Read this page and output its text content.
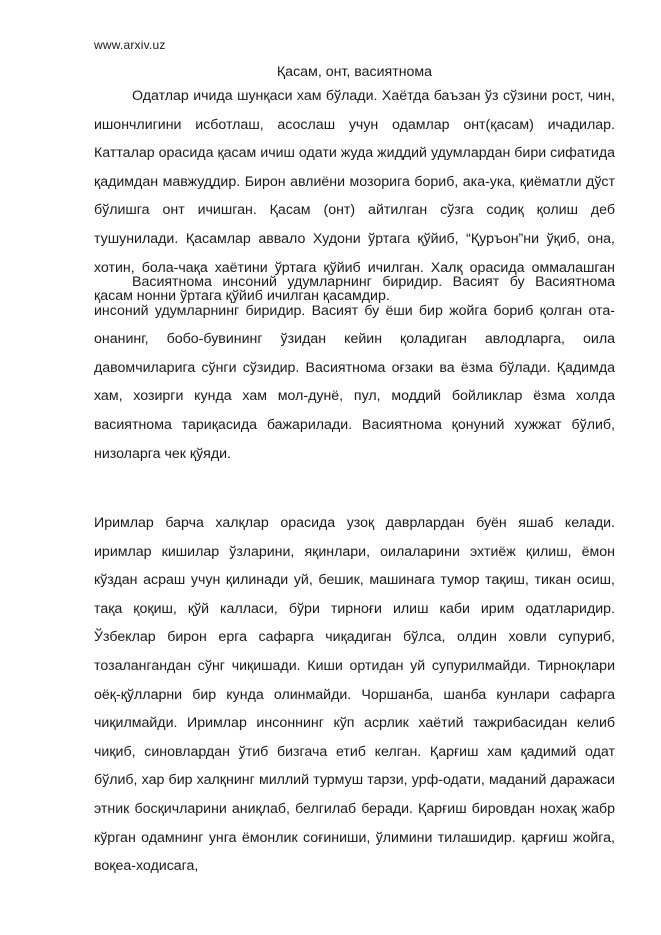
www.arxiv.uz
Қасам, онт, васиятнома

Одатлар ичида шунқаси хам бўлади. Хаётда баъзан ўз сўзини рост, чин, ишончлигини исботлаш, асослаш учун одамлар онт(қасам) ичадилар. Катталар орасида қасам ичиш одати жуда жиддий удумлардан бири сифатида қадимдан мавжуддир. Бирон авлиёни мозорига бориб, ака-ука, қиёматли дўст бўлишга онт ичишган. Қасам (онт) айтилган сўзга содиқ қолиш деб тушунилади. Қасамлар аввало Худони ўртага қўйиб, “Қуръон”ни ўқиб, она, хотин, бола-чақа хаётини ўртага қўйиб ичилган. Халқ орасида оммалашган қасам нонни ўртага қўйиб ичилган қасамдир.

Васиятнома инсоний удумларнинг биридир. Васият бу Васиятнома инсоний удумларнинг биридир. Васият бу ёши бир жойга бориб қолган ота-онанинг, бобо-бувининг ўзидан кейин қоладиган авлодларга, оила давомчиларига сўнги сўзидир. Васиятнома оғзаки ва ёзма бўлади. Қадимда хам, хозирги кунда хам мол-дунё, пул, моддий бойликлар ёзма холда васиятнома тариқасида бажарилади. Васиятнома қонуний хужжат бўлиб, низоларга чек қўяди.

Иримлар барча халқлар орасида узоқ даврлардан буён яшаб келади. иримлар кишилар ўзларини, яқинлари, оилаларини эхтиёж қилиш, ёмон кўздан асраш учун қилинади уй, бешик, машинага тумор тақиш, тикан осиш, тақа қоқиш, қўй калласи, бўри тирноғи илиш каби ирим одатларидир. Ўзбеклар бирон ерга сафарга чиқадиган бўлса, олдин ховли супуриб, тозалангандан сўнг чиқишади. Киши ортидан уй супурилмайди. Тирноқлари оёқ-қўлларни бир кунда олинмайди. Чоршанба, шанба кунлари сафарга чиқилмайди. Иримлар инсоннинг кўп асрлик хаётий тажрибасидан келиб чиқиб, синовлардан ўтиб бизгача етиб келган. Қарғиш хам қадимий одат бўлиб, хар бир халқнинг миллий турмуш тарзи, урф-одати, маданий даражаси этник босқичларини аниқлаб, белгилаб беради. Қарғиш бировдан нохақ жабр кўрган одамнинг унга ёмонлик соғиниши, ўлимини тилашидир. қарғиш жойга, воқеа-ходисага,
